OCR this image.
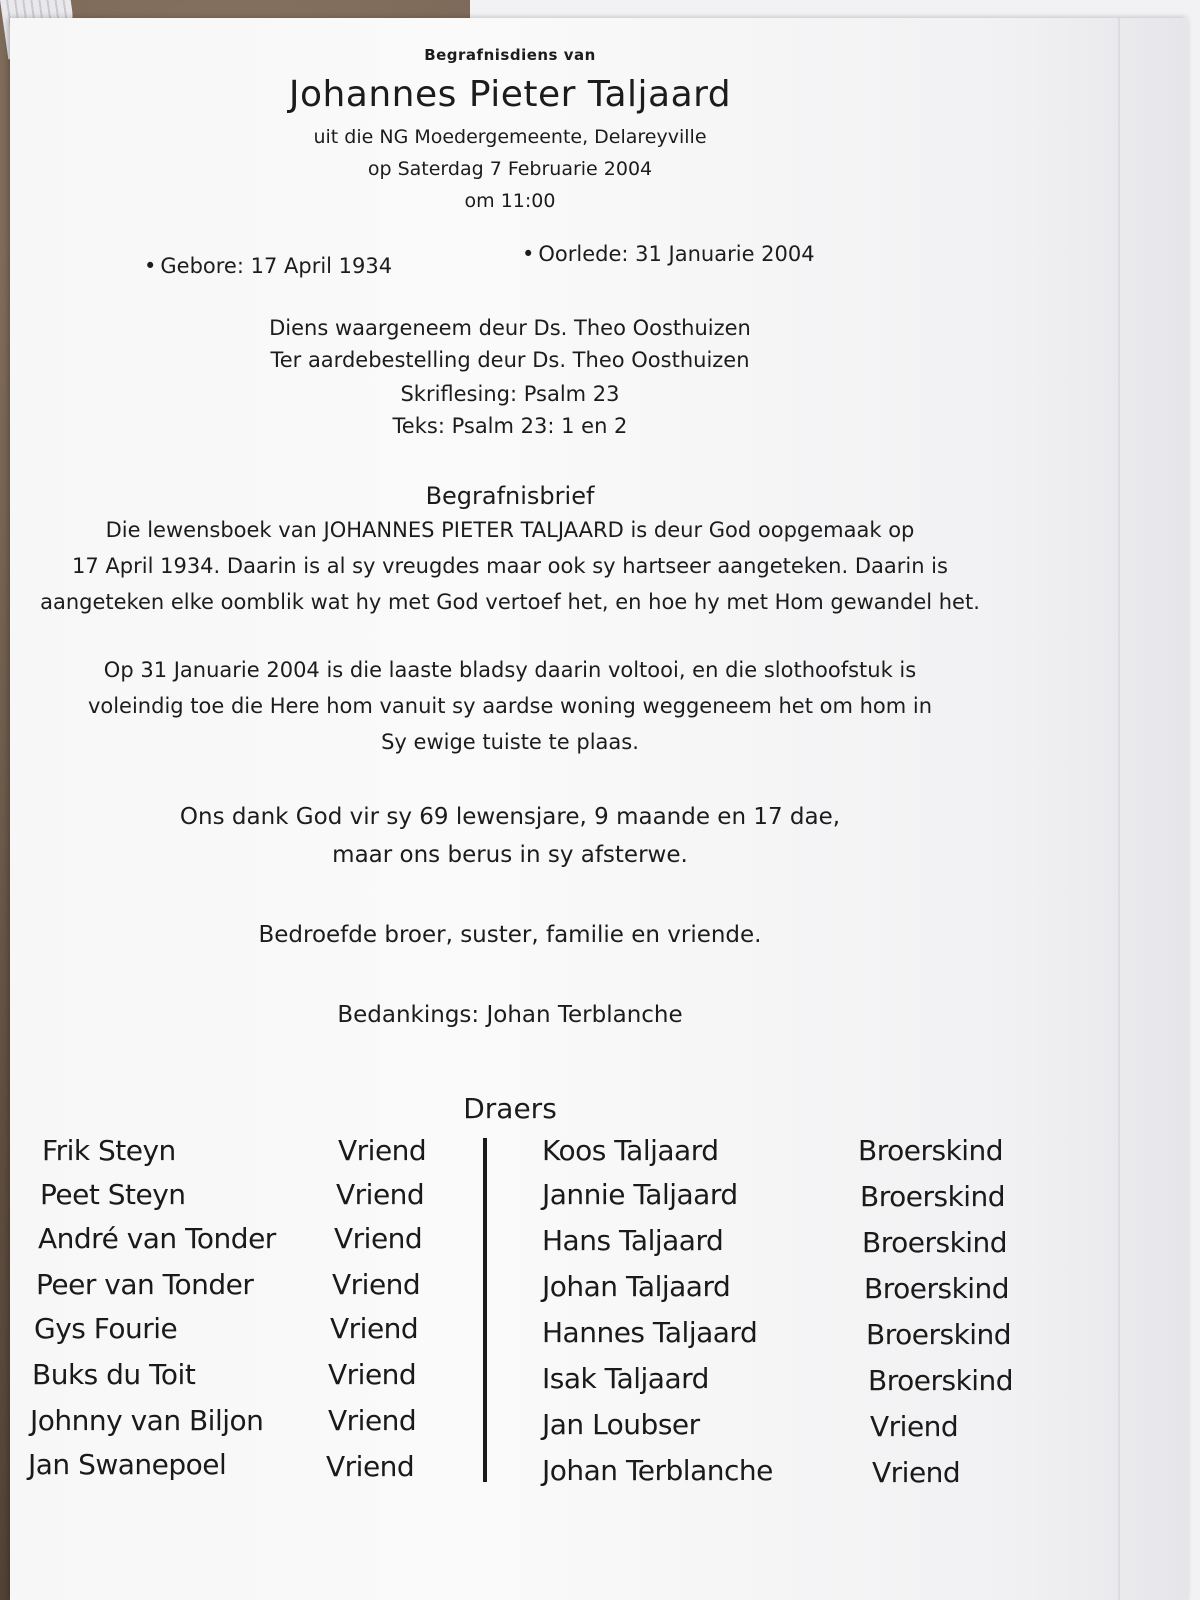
Begrafnisdiens van
Johannes Pieter Taljaard
uit die NG Moedergemeente, Delareyville
op Saterdag 7 Februarie 2004
om 11:00
• Gebore: 17 April 1934
•	Oorlede: 31 Januarie 2004
Diens waargeneem deur Ds. Theo Oosthuizen
Ter aardebestelling deur Ds. Theo Oosthuizen
Skriflesing: Psalm 23
Teks: Psalm 23: 1 en 2
Begrafnisbrief
Die lewensboek van JOHANNES PIETER TALJAARD is deur God oopgemaak op
17 April 1934. Daarin is al sy vreugdes maar ook sy hartseer aangeteken. Daarin is
aangeteken elke oomblik wat hy met God vertoef het, en hoe hy met Hom gewandel het.
Op 31 Januarie 2004 is die laaste bladsy daarin voltooi, en die slothoofstuk is
voleindig toe die Here hom vanuit sy aardse woning weggeneem het om hom in
Sy ewige tuiste te plaas.
Ons dank God vir sy 69 lewensjare, 9 maande en 17 dae,
maar ons berus in sy afsterwe.
Bedroefde broer, suster, familie en vriende.
Bedankings: Johan Terblanche
Draers
Frik Steyn	Vriend
Peet Steyn	Vriend
André van Tonder Vriend
Peer van Tonder	Vriend
Gys Fourie	Vriend
Buks du Toit	Vriend
Johnny van Biljon Vriend
Jan Swanepoel	Vriend
Koos Taljaard	Broerskind
Jannie Taljaard	Broerskind
Hans Taljaard	Broerskind
Johan Taljaard	Broerskind
Hannes Taljaard	Broerskind
Isak Taljaard	Broerskind
Jan Loubser	Vriend
Johan Terblanche	Vriend
